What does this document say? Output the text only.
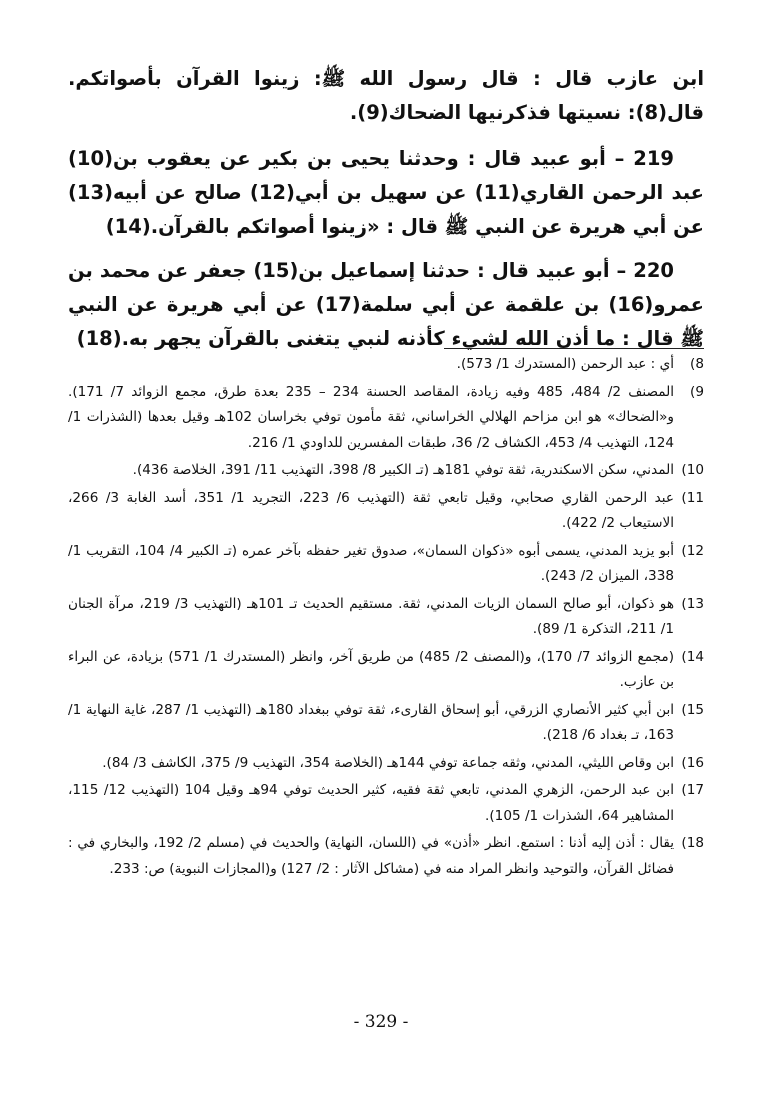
ابن عازب قال : قال رسول الله ﷺ: زينوا القرآن بأصواتكم. قال(8): نسيتها فذكرنيها الضحاك(9).

219 – أبو عبيد قال : وحدثنا يحيى بن بكير عن يعقوب بن(10) عبد الرحمن القاري(11) عن سهيل بن أبي(12) صالح عن أبيه(13) عن أبي هريرة عن النبي ﷺ قال : «زينوا أصواتكم بالقرآن.(14)

220 – أبو عبيد قال : حدثنا إسماعيل بن(15) جعفر عن محمد بن عمرو(16) بن علقمة عن أبي سلمة(17) عن أبي هريرة عن النبي ﷺ قال : ما أذن الله لشيء كأذنه لنبي يتغنى بالقرآن يجهر به.(18)

8)
أي : عبد الرحمن (المستدرك 1/ 573).
9)
المصنف 2/ 484، 485 وفيه زيادة، المقاصد الحسنة 234 – 235 بعدة طرق، مجمع الزوائد 7/ 171). و«الضحاك» هو ابن مزاحم الهلالي الخراساني، ثقة مأمون توفي بخراسان 102هـ وقيل بعدها (الشذرات 1/ 124، التهذيب 4/ 453، الكشاف 2/ 36، طبقات المفسرين للداودي 1/ 216.
10)
المدني، سكن الاسكندرية، ثقة توفي 181هـ (تـ الكبير 8/ 398، التهذيب 11/ 391، الخلاصة 436).
11)
عبد الرحمن القاري صحابي، وقيل تابعي ثقة (التهذيب 6/ 223، التجريد 1/ 351، أسد الغابة 3/ 266، الاستيعاب 2/ 422).
12)
أبو يزيد المدني، يسمى أبوه «ذكوان السمان»، صدوق تغير حفظه بآخر عمره (تـ الكبير 4/ 104، التقريب 1/ 338، الميزان 2/ 243).
13)
هو ذكوان، أبو صالح السمان الزيات المدني، ثقة. مستقيم الحديث تـ 101هـ (التهذيب 3/ 219، مرآة الجنان 1/ 211، التذكرة 1/ 89).
14)
(مجمع الزوائد 7/ 170)، و(المصنف 2/ 485) من طريق آخر، وانظر (المستدرك 1/ 571) بزيادة، عن البراء بن عازب.
15)
ابن أبي كثير الأنصاري الزرقي، أبو إسحاق القارىء، ثقة توفي ببغداد 180هـ (التهذيب 1/ 287، غاية النهاية 1/ 163، تـ بغداد 6/ 218).
16)
ابن وقاص الليثي، المدني، وثقه جماعة توفي 144هـ (الخلاصة 354، التهذيب 9/ 375، الكاشف 3/ 84).
17)
ابن عبد الرحمن، الزهري المدني، تابعي ثقة فقيه، كثير الحديث توفي 94هـ وقيل 104 (التهذيب 12/ 115، المشاهير 64، الشذرات 1/ 105).
18)
يقال : أذن إليه أذنا : استمع. انظر «أذن» في (اللسان، النهاية) والحديث في (مسلم 2/ 192، والبخاري في : فضائل القرآن، والتوحيد وانظر المراد منه في (مشاكل الآثار : 2/ 127) و(المجازات النبوية) ص: 233.
- 329 -
